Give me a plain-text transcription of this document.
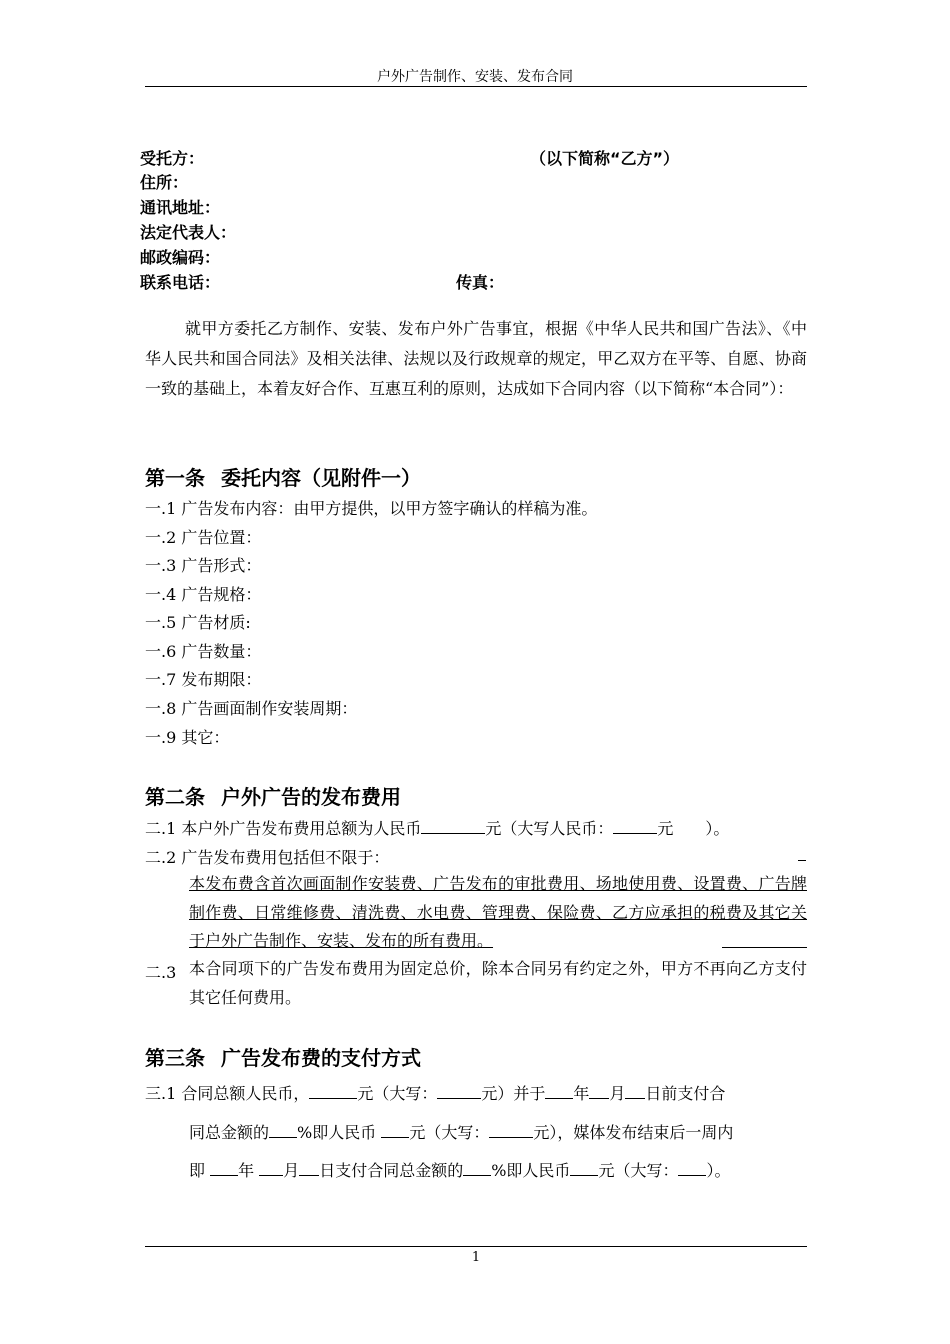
户外广告制作、安装、发布合同
受托方：	（以下简称“乙方”）
住所：
通讯地址：
法定代表人：
邮政编码：
联系电话：	传真：
就甲方委托乙方制作、安装、发布户外广告事宜，根据《中华人民共和国广告法》、《中华人民共和国合同法》及相关法律、法规以及行政规章的规定，甲乙双方在平等、自愿、协商一致的基础上，本着友好合作、互惠互利的原则，达成如下合同内容（以下简称“本合同”）：
第一条 委托内容（见附件一）
一.1 广告发布内容：由甲方提供，以甲方签字确认的样稿为准。
一.2 广告位置：
一.3 广告形式：
一.4 广告规格：
一.5 广告材质:
一.6 广告数量：
一.7 发布期限：
一.8 广告画面制作安装周期：
一.9 其它：
第二条 户外广告的发布费用
二.1 本户外广告发布费用总额为人民币	元（大写人民币：	元　　）。
二.2 广告发布费用包括但不限于：
本发布费含首次画面制作安装费、广告发布的审批费用、场地使用费、设置费、广告牌制作费、日常维修费、清洗费、水电费、管理费、保险费、乙方应承担的税费及其它关于户外广告制作、安装、发布的所有费用。
二.3 本合同项下的广告发布费用为固定总价，除本合同另有约定之外，甲方不再向乙方支付其它任何费用。
第三条 广告发布费的支付方式
三.1 合同总额人民币，	元（大写：	元）并于 年 月 日前支付合
同总金额的 %即人民币 元（大写：	元），媒体发布结束后一周内
即 年 月 日支付合同总金额的 %即人民币 元（大写： ）。
1
